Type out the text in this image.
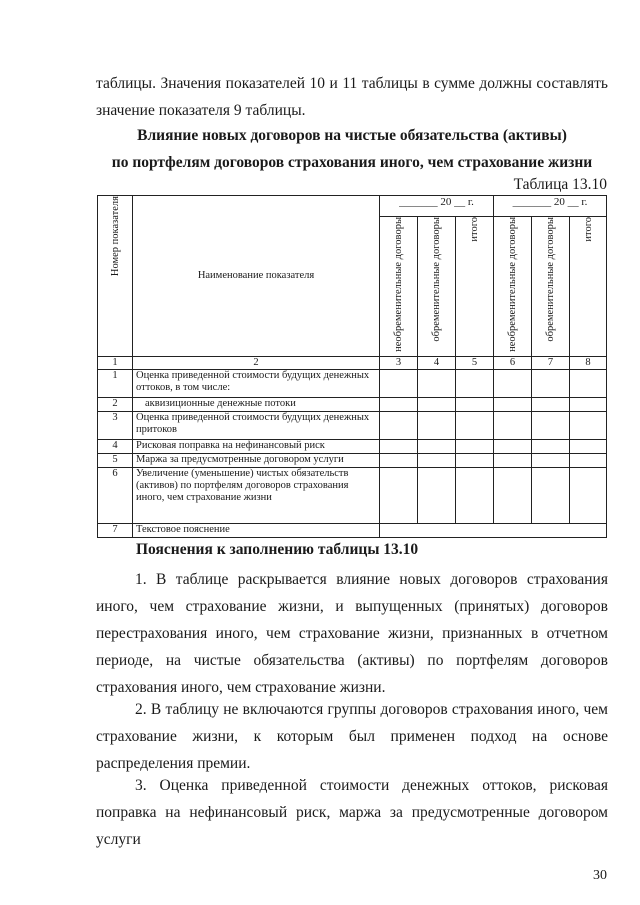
таблицы. Значения показателей 10 и 11 таблицы в сумме должны составлять
значение показателя 9 таблицы.
Влияние новых договоров на чистые обязательства (активы)
по портфелям договоров страхования иного, чем страхование жизни
Таблица 13.10
Номер показателя	Наименование показателя	_______ 20 __ г.			_______ 20 __ г.		
		необременительные договоры	обременительные договоры	итого	необременительные договоры	обременительные договоры	итого
1	2	3	4	5	6	7	8
1	Оценка приведенной стоимости будущих денежных оттоков, в том числе:						
2	аквизиционные денежные потоки						
3	Оценка приведенной стоимости будущих денежных притоков						
4	Рисковая поправка на нефинансовый риск						
5	Маржа за предусмотренные договором услуги						
6	Увеличение (уменьшение) чистых обязательств (активов) по портфелям договоров страхования иного, чем страхование жизни						
7	Текстовое пояснение						
Пояснения к заполнению таблицы 13.10
1. В таблице раскрывается влияние новых договоров страхования иного, чем страхование жизни, и выпущенных (принятых) договоров перестрахования иного, чем страхование жизни, признанных в отчетном периоде, на чистые обязательства (активы) по портфелям договоров страхования иного, чем страхование жизни.
2. В таблицу не включаются группы договоров страхования иного, чем страхование жизни, к которым был применен подход на основе распределения премии.
3. Оценка приведенной стоимости денежных оттоков, рисковая поправка на нефинансовый риск, маржа за предусмотренные договором услуги
30
